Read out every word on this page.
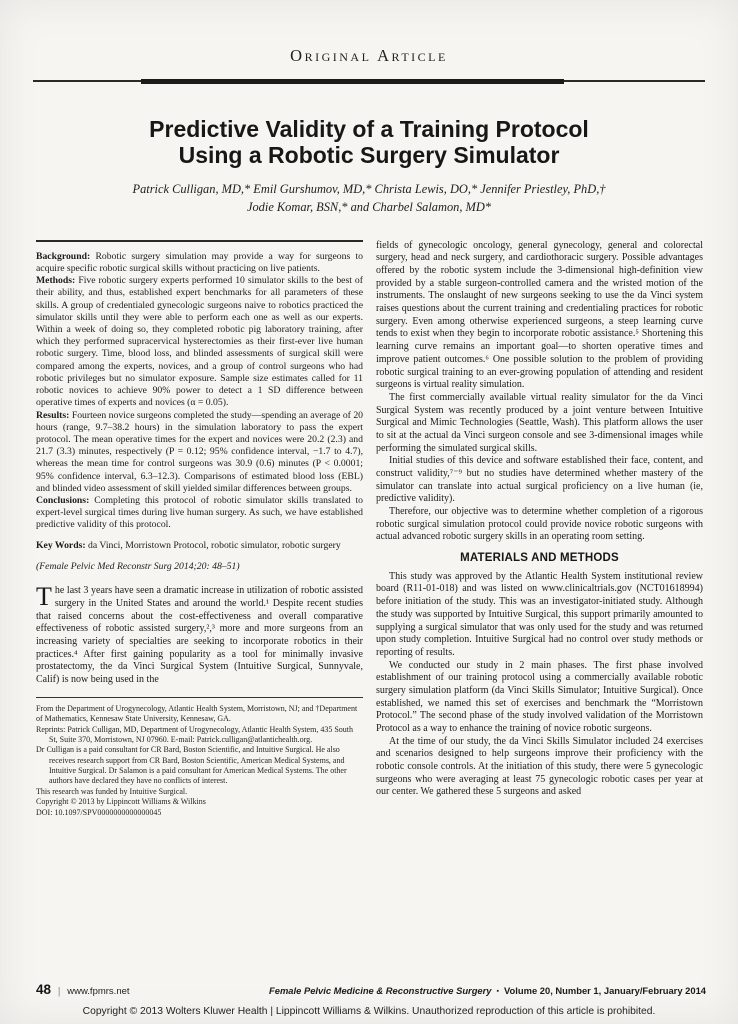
Original Article
Predictive Validity of a Training Protocol
Using a Robotic Surgery Simulator
Patrick Culligan, MD,* Emil Gurshumov, MD,* Christa Lewis, DO,* Jennifer Priestley, PhD,†
Jodie Komar, BSN,* and Charbel Salamon, MD*

Background: Robotic surgery simulation may provide a way for surgeons to acquire specific robotic surgical skills without practicing on live patients.

Methods: Five robotic surgery experts performed 10 simulator skills to the best of their ability, and thus, established expert benchmarks for all parameters of these skills. A group of credentialed gynecologic surgeons naive to robotics practiced the simulator skills until they were able to perform each one as well as our experts. Within a week of doing so, they completed robotic pig laboratory training, after which they performed supracervical hysterectomies as their first-ever live human robotic surgery. Time, blood loss, and blinded assessments of surgical skill were compared among the experts, novices, and a group of control surgeons who had robotic privileges but no simulator exposure. Sample size estimates called for 11 robotic novices to achieve 90% power to detect a 1 SD difference between operative times of experts and novices (α = 0.05).

Results: Fourteen novice surgeons completed the study—spending an average of 20 hours (range, 9.7–38.2 hours) in the simulation laboratory to pass the expert protocol. The mean operative times for the expert and novices were 20.2 (2.3) and 21.7 (3.3) minutes, respectively (P = 0.12; 95% confidence interval, −1.7 to 4.7), whereas the mean time for control surgeons was 30.9 (0.6) minutes (P < 0.0001; 95% confidence interval, 6.3–12.3). Comparisons of estimated blood loss (EBL) and blinded video assessment of skill yielded similar differences between groups.

Conclusions: Completing this protocol of robotic simulator skills translated to expert-level surgical times during live human surgery. As such, we have established predictive validity of this protocol.

Key Words: da Vinci, Morristown Protocol, robotic simulator, robotic surgery

(Female Pelvic Med Reconstr Surg 2014;20: 48–51)

The last 3 years have seen a dramatic increase in utilization of robotic assisted surgery in the United States and around the world.¹ Despite recent studies that raised concerns about the cost-effectiveness and overall comparative effectiveness of robotic assisted surgery,²,³ more and more surgeons from an increasing variety of specialties are seeking to incorporate robotics in their practices.⁴ After first gaining popularity as a tool for minimally invasive prostatectomy, the da Vinci Surgical System (Intuitive Surgical, Sunnyvale, Calif) is now being used in the

From the Department of Urogynecology, Atlantic Health System, Morristown, NJ; and †Department of Mathematics, Kennesaw State University, Kennesaw, GA.

Reprints: Patrick Culligan, MD, Department of Urogynecology, Atlantic Health System, 435 South St, Suite 370, Morristown, NJ 07960. E-mail: Patrick.culligan@atlantichealth.org.

Dr Culligan is a paid consultant for CR Bard, Boston Scientific, and Intuitive Surgical. He also receives research support from CR Bard, Boston Scientific, American Medical Systems, and Intuitive Surgical. Dr Salamon is a paid consultant for American Medical Systems. The other authors have declared they have no conflicts of interest.

This research was funded by Intuitive Surgical.

Copyright © 2013 by Lippincott Williams & Wilkins

DOI: 10.1097/SPV0000000000000045

fields of gynecologic oncology, general gynecology, general and colorectal surgery, head and neck surgery, and cardiothoracic surgery. Possible advantages offered by the robotic system include the 3-dimensional high-definition view provided by a stable surgeon-controlled camera and the wristed motion of the instruments. The onslaught of new surgeons seeking to use the da Vinci system raises questions about the current training and credentialing practices for robotic surgery. Even among otherwise experienced surgeons, a steep learning curve tends to exist when they begin to incorporate robotic assistance.⁵ Shortening this learning curve remains an important goal—to shorten operative times and improve patient outcomes.⁶ One possible solution to the problem of providing robotic surgical training to an ever-growing population of attending and resident surgeons is virtual reality simulation.

The first commercially available virtual reality simulator for the da Vinci Surgical System was recently produced by a joint venture between Intuitive Surgical and Mimic Technologies (Seattle, Wash). This platform allows the user to sit at the actual da Vinci surgeon console and see 3-dimensional images while performing the simulated surgical skills.

Initial studies of this device and software established their face, content, and construct validity,⁷⁻⁹ but no studies have determined whether mastery of the simulator can translate into actual surgical proficiency on a live human (ie, predictive validity).

Therefore, our objective was to determine whether completion of a rigorous robotic surgical simulation protocol could provide novice robotic surgeons with actual advanced robotic surgery skills in an operating room setting.

MATERIALS AND METHODS

This study was approved by the Atlantic Health System institutional review board (R11-01-018) and was listed on www.clinicaltrials.gov (NCT01618994) before initiation of the study. This was an investigator-initiated study. Although the study was supported by Intuitive Surgical, this support primarily amounted to supplying a surgical simulator that was only used for the study and was returned upon study completion. Intuitive Surgical had no control over study methods or reporting of results.

We conducted our study in 2 main phases. The first phase involved establishment of our training protocol using a commercially available robotic surgery simulation platform (da Vinci Skills Simulator; Intuitive Surgical). Once established, we named this set of exercises and benchmark the “Morristown Protocol.” The second phase of the study involved validation of the Morristown Protocol as a way to enhance the training of novice robotic surgeons.

At the time of our study, the da Vinci Skills Simulator included 24 exercises and scenarios designed to help surgeons improve their proficiency with the robotic console controls. At the initiation of this study, there were 5 gynecologic surgeons who were averaging at least 75 gynecologic robotic cases per year at our center. We gathered these 5 surgeons and asked

48 | www.fpmrs.net	Female Pelvic Medicine & Reconstructive Surgery ▪ Volume 20, Number 1, January/February 2014
Copyright © 2013 Wolters Kluwer Health | Lippincott Williams & Wilkins. Unauthorized reproduction of this article is prohibited.
